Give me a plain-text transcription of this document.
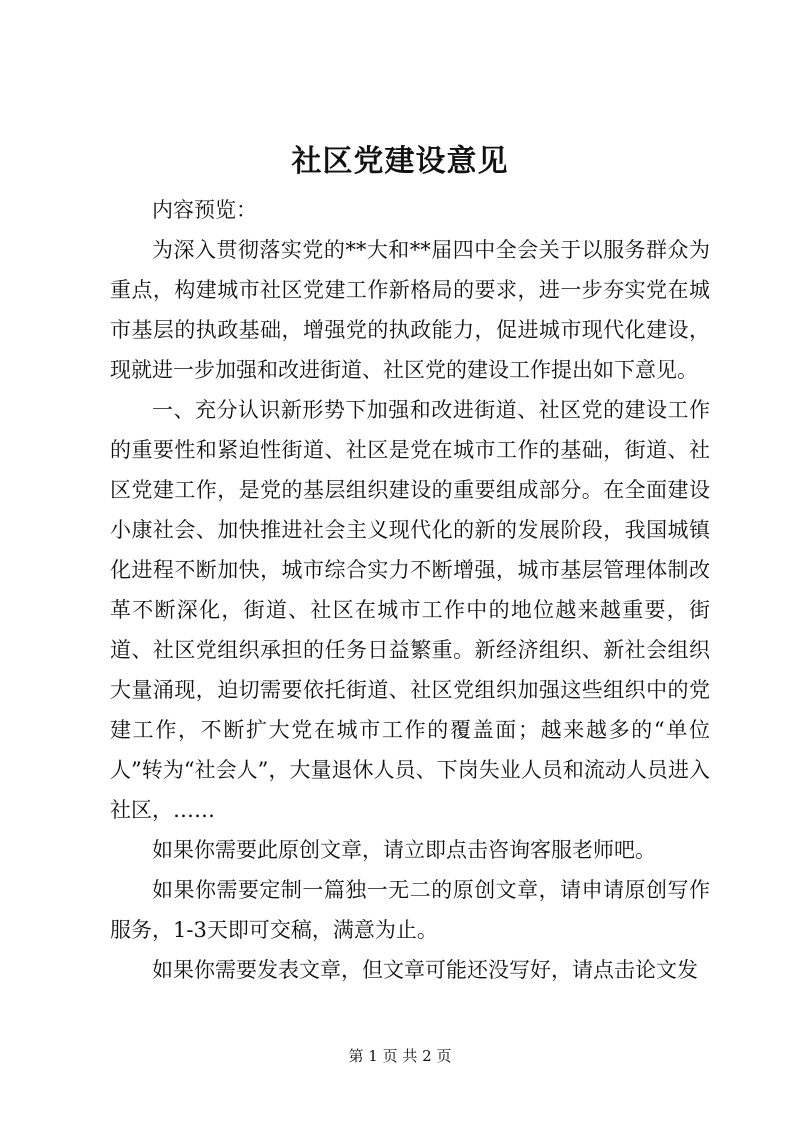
社区党建设意见

内容预览：

为深入贯彻落实党的**大和**届四中全会关于以服务群众为重点，构建城市社区党建工作新格局的要求，进一步夯实党在城市基层的执政基础，增强党的执政能力，促进城市现代化建设，现就进一步加强和改进街道、社区党的建设工作提出如下意见。

一、充分认识新形势下加强和改进街道、社区党的建设工作的重要性和紧迫性街道、社区是党在城市工作的基础，街道、社区党建工作，是党的基层组织建设的重要组成部分。在全面建设小康社会、加快推进社会主义现代化的新的发展阶段，我国城镇化进程不断加快，城市综合实力不断增强，城市基层管理体制改革不断深化，街道、社区在城市工作中的地位越来越重要，街道、社区党组织承担的任务日益繁重。新经济组织、新社会组织大量涌现，迫切需要依托街道、社区党组织加强这些组织中的党建工作，不断扩大党在城市工作的覆盖面；越来越多的“单位人”转为“社会人”，大量退休人员、下岗失业人员和流动人员进入社区，……

如果你需要此原创文章，请立即点击咨询客服老师吧。

如果你需要定制一篇独一无二的原创文章，请申请原创写作服务，1-3天即可交稿，满意为止。

如果你需要发表文章，但文章可能还没写好，请点击论文发

第 1 页 共 2 页
